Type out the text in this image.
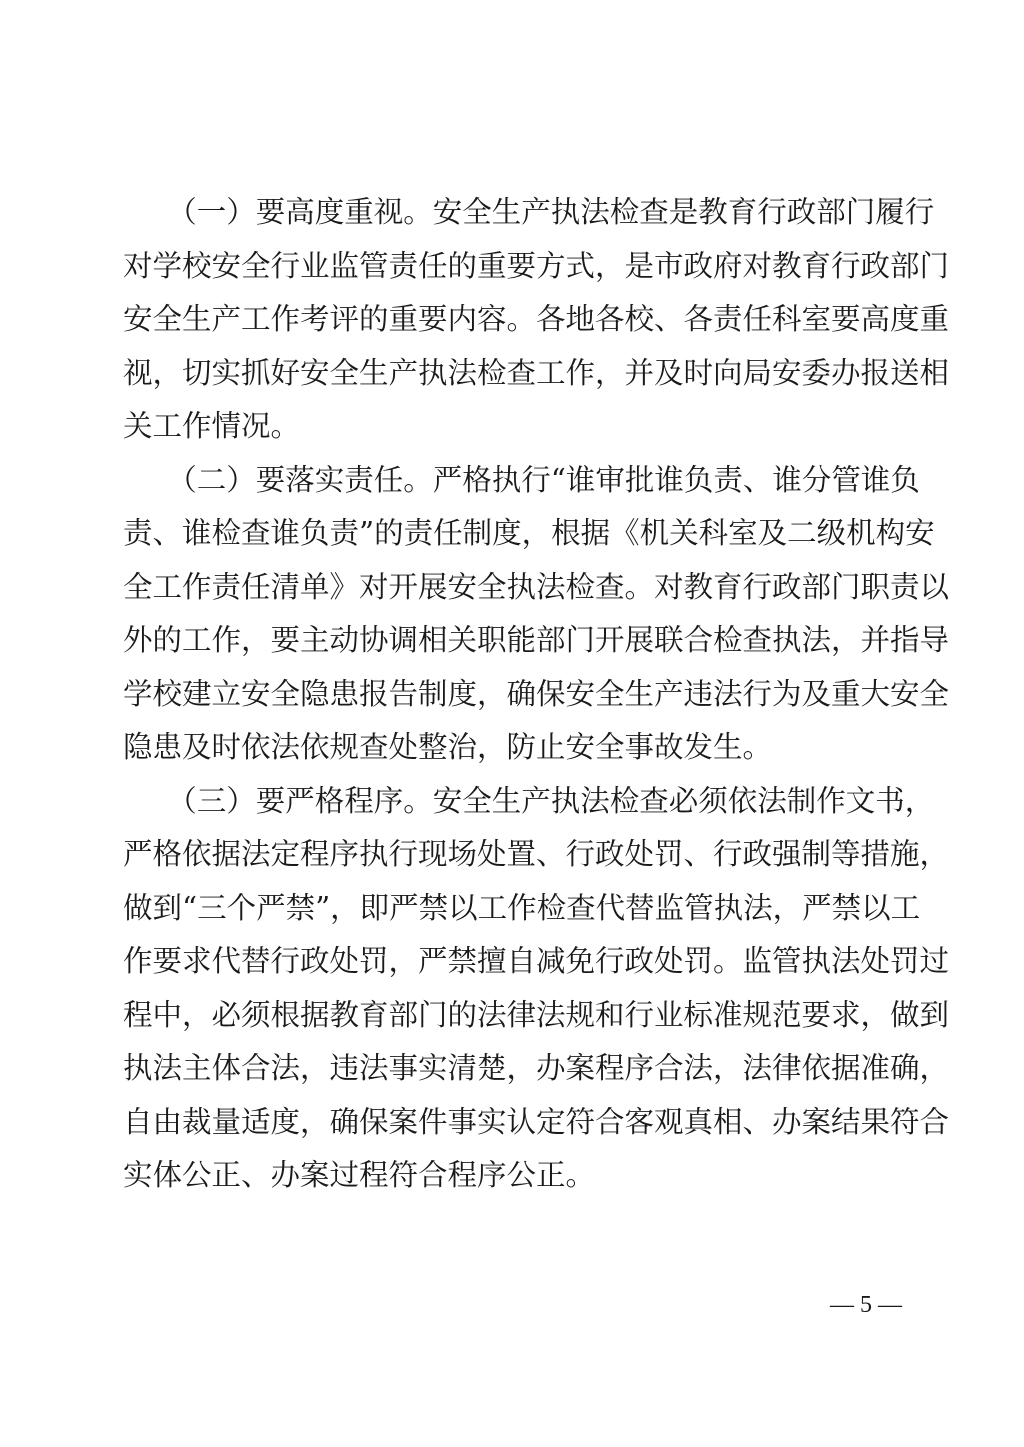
　　（一）要高度重视。安全生产执法检查是教育行政部门履行
对学校安全行业监管责任的重要方式，是市政府对教育行政部门
安全生产工作考评的重要内容。各地各校、各责任科室要高度重
视，切实抓好安全生产执法检查工作，并及时向局安委办报送相
关工作情况。
　　（二）要落实责任。严格执行“谁审批谁负责、谁分管谁负
责、谁检查谁负责”的责任制度，根据《机关科室及二级机构安
全工作责任清单》对开展安全执法检查。对教育行政部门职责以
外的工作，要主动协调相关职能部门开展联合检查执法，并指导
学校建立安全隐患报告制度，确保安全生产违法行为及重大安全
隐患及时依法依规查处整治，防止安全事故发生。
　　（三）要严格程序。安全生产执法检查必须依法制作文书，
严格依据法定程序执行现场处置、行政处罚、行政强制等措施，
做到“三个严禁”，即严禁以工作检查代替监管执法，严禁以工
作要求代替行政处罚，严禁擅自减免行政处罚。监管执法处罚过
程中，必须根据教育部门的法律法规和行业标准规范要求，做到
执法主体合法，违法事实清楚，办案程序合法，法律依据准确，
自由裁量适度，确保案件事实认定符合客观真相、办案结果符合
实体公正、办案过程符合程序公正。
— 5 —
